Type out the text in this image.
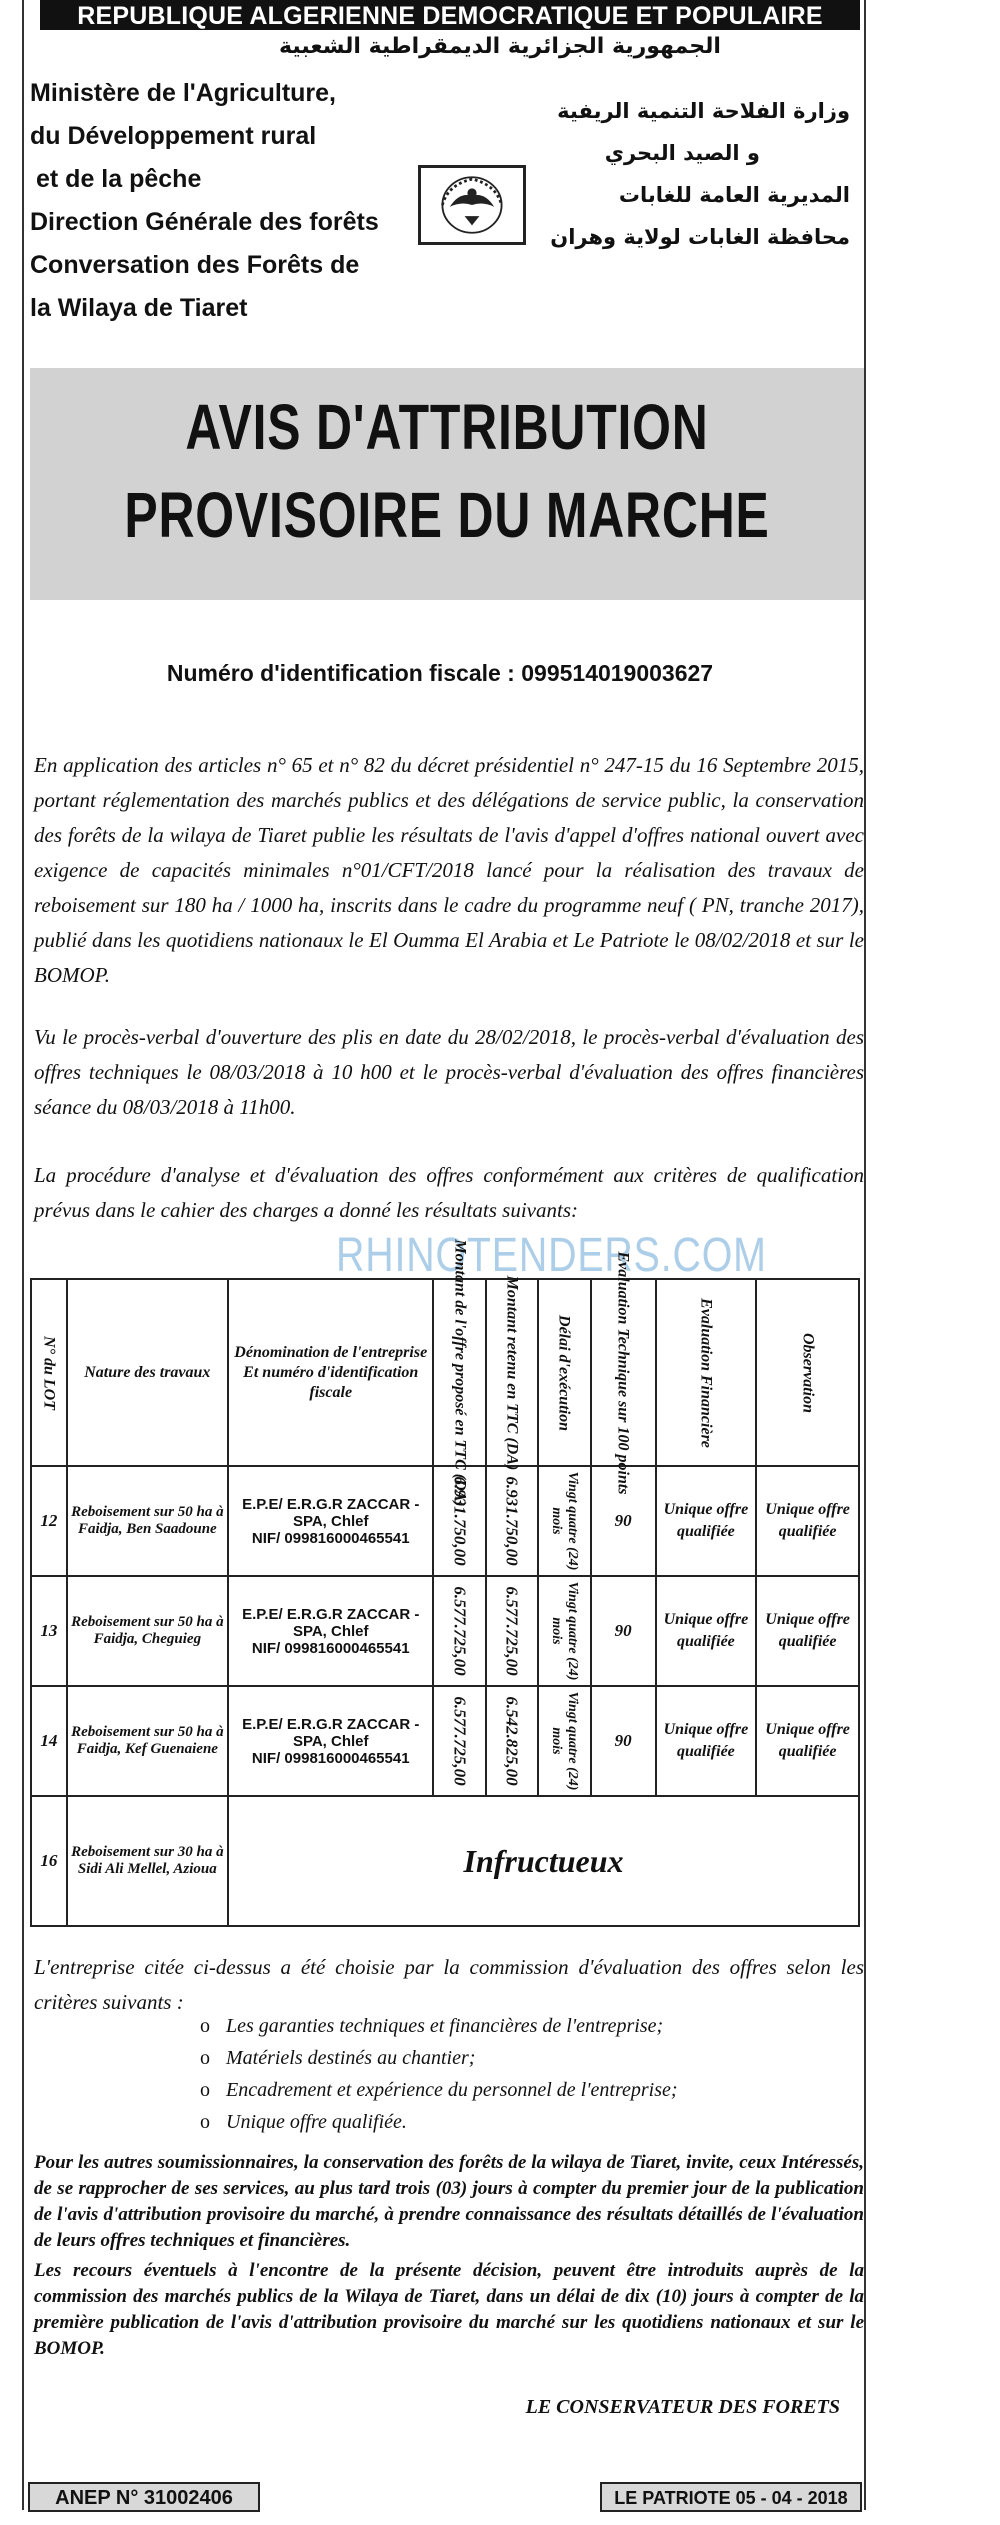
REPUBLIQUE ALGERIENNE DEMOCRATIQUE ET POPULAIRE
الجمهورية الجزائرية الديمقراطية الشعبية
Ministère de l'Agriculture,
du Développement rural
et de la pêche
Direction Générale des forêts
Conversation des Forêts de
la Wilaya de Tiaret
وزارة الفلاحة التنمية الريفية
و الصيد البحري
المديرية العامة للغابات
محافظة الغابات لولاية وهران
AVIS D'ATTRIBUTION
PROVISOIRE DU MARCHE
Numéro d'identification fiscale : 099514019003627
En application des articles n° 65 et n° 82 du décret présidentiel n° 247-15 du 16 Septembre 2015, portant réglementation des marchés publics et des délégations de service public, la conservation des forêts de la wilaya de Tiaret publie les résultats de l'avis d'appel d'offres national ouvert avec exigence de capacités minimales n°01/CFT/2018 lancé pour la réalisation des travaux de reboisement sur 180 ha / 1000 ha, inscrits dans le cadre du programme neuf ( PN, tranche 2017), publié dans les quotidiens nationaux le El Oumma El Arabia et Le Patriote le 08/02/2018 et sur le BOMOP.
Vu le procès-verbal d'ouverture des plis en date du 28/02/2018, le procès-verbal d'évaluation des offres techniques le 08/03/2018 à 10 h00 et le procès-verbal d'évaluation des offres financières séance du 08/03/2018 à 11h00.
La procédure d'analyse et d'évaluation des offres conformément aux critères de qualification prévus dans le cahier des charges a donné les résultats suivants:
RHINOTENDERS.COM
N° du LOT	Nature des travaux	Dénomination de l'entreprise Et numéro d'identification fiscale	Montant de l'offre proposé en TTC (DA)	Montant retenu en TTC (DA)	Délai d'exécution	Evaluation Technique sur 100 points	Evaluation Financière	Observation

12	Reboisement sur 50 ha à Faidja, Ben Saadoune	E.P.E/ E.R.G.R ZACCAR - SPA, Chlef
NIF/ 099816000465541	6.931.750,00	6.931.750,00	Vingt quatre (24) mois	90	Unique offre qualifiée	Unique offre qualifiée
13	Reboisement sur 50 ha à Faidja, Cheguieg	E.P.E/ E.R.G.R ZACCAR - SPA, Chlef
NIF/ 099816000465541	6.577.725,00	6.577.725,00	Vingt quatre (24) mois	90	Unique offre qualifiée	Unique offre qualifiée
14	Reboisement sur 50 ha à Faidja, Kef Guenaiene	E.P.E/ E.R.G.R ZACCAR - SPA, Chlef
NIF/ 099816000465541	6.577.725,00	6.542.825,00	Vingt quatre (24) mois	90	Unique offre qualifiée	Unique offre qualifiée
16	Reboisement sur 30 ha à Sidi Ali Mellel, Azioua	Infructueux						
L'entreprise citée ci-dessus a été choisie par la commission d'évaluation des offres selon les critères suivants :
o Les garanties techniques et financières de l'entreprise;
o Matériels destinés au chantier;
o Encadrement et expérience du personnel de l'entreprise;
o Unique offre qualifiée.
Pour les autres soumissionnaires, la conservation des forêts de la wilaya de Tiaret, invite, ceux Intéressés, de se rapprocher de ses services, au plus tard trois (03) jours à compter du premier jour de la publication de l'avis d'attribution provisoire du marché, à prendre connaissance des résultats détaillés de l'évaluation de leurs offres techniques et financières.
Les recours éventuels à l'encontre de la présente décision, peuvent être introduits auprès de la commission des marchés publics de la Wilaya de Tiaret, dans un délai de dix (10) jours à compter de la première publication de l'avis d'attribution provisoire du marché sur les quotidiens nationaux et sur le BOMOP.
LE CONSERVATEUR DES FORETS
ANEP N° 31002406	LE PATRIOTE 05 - 04 - 2018
